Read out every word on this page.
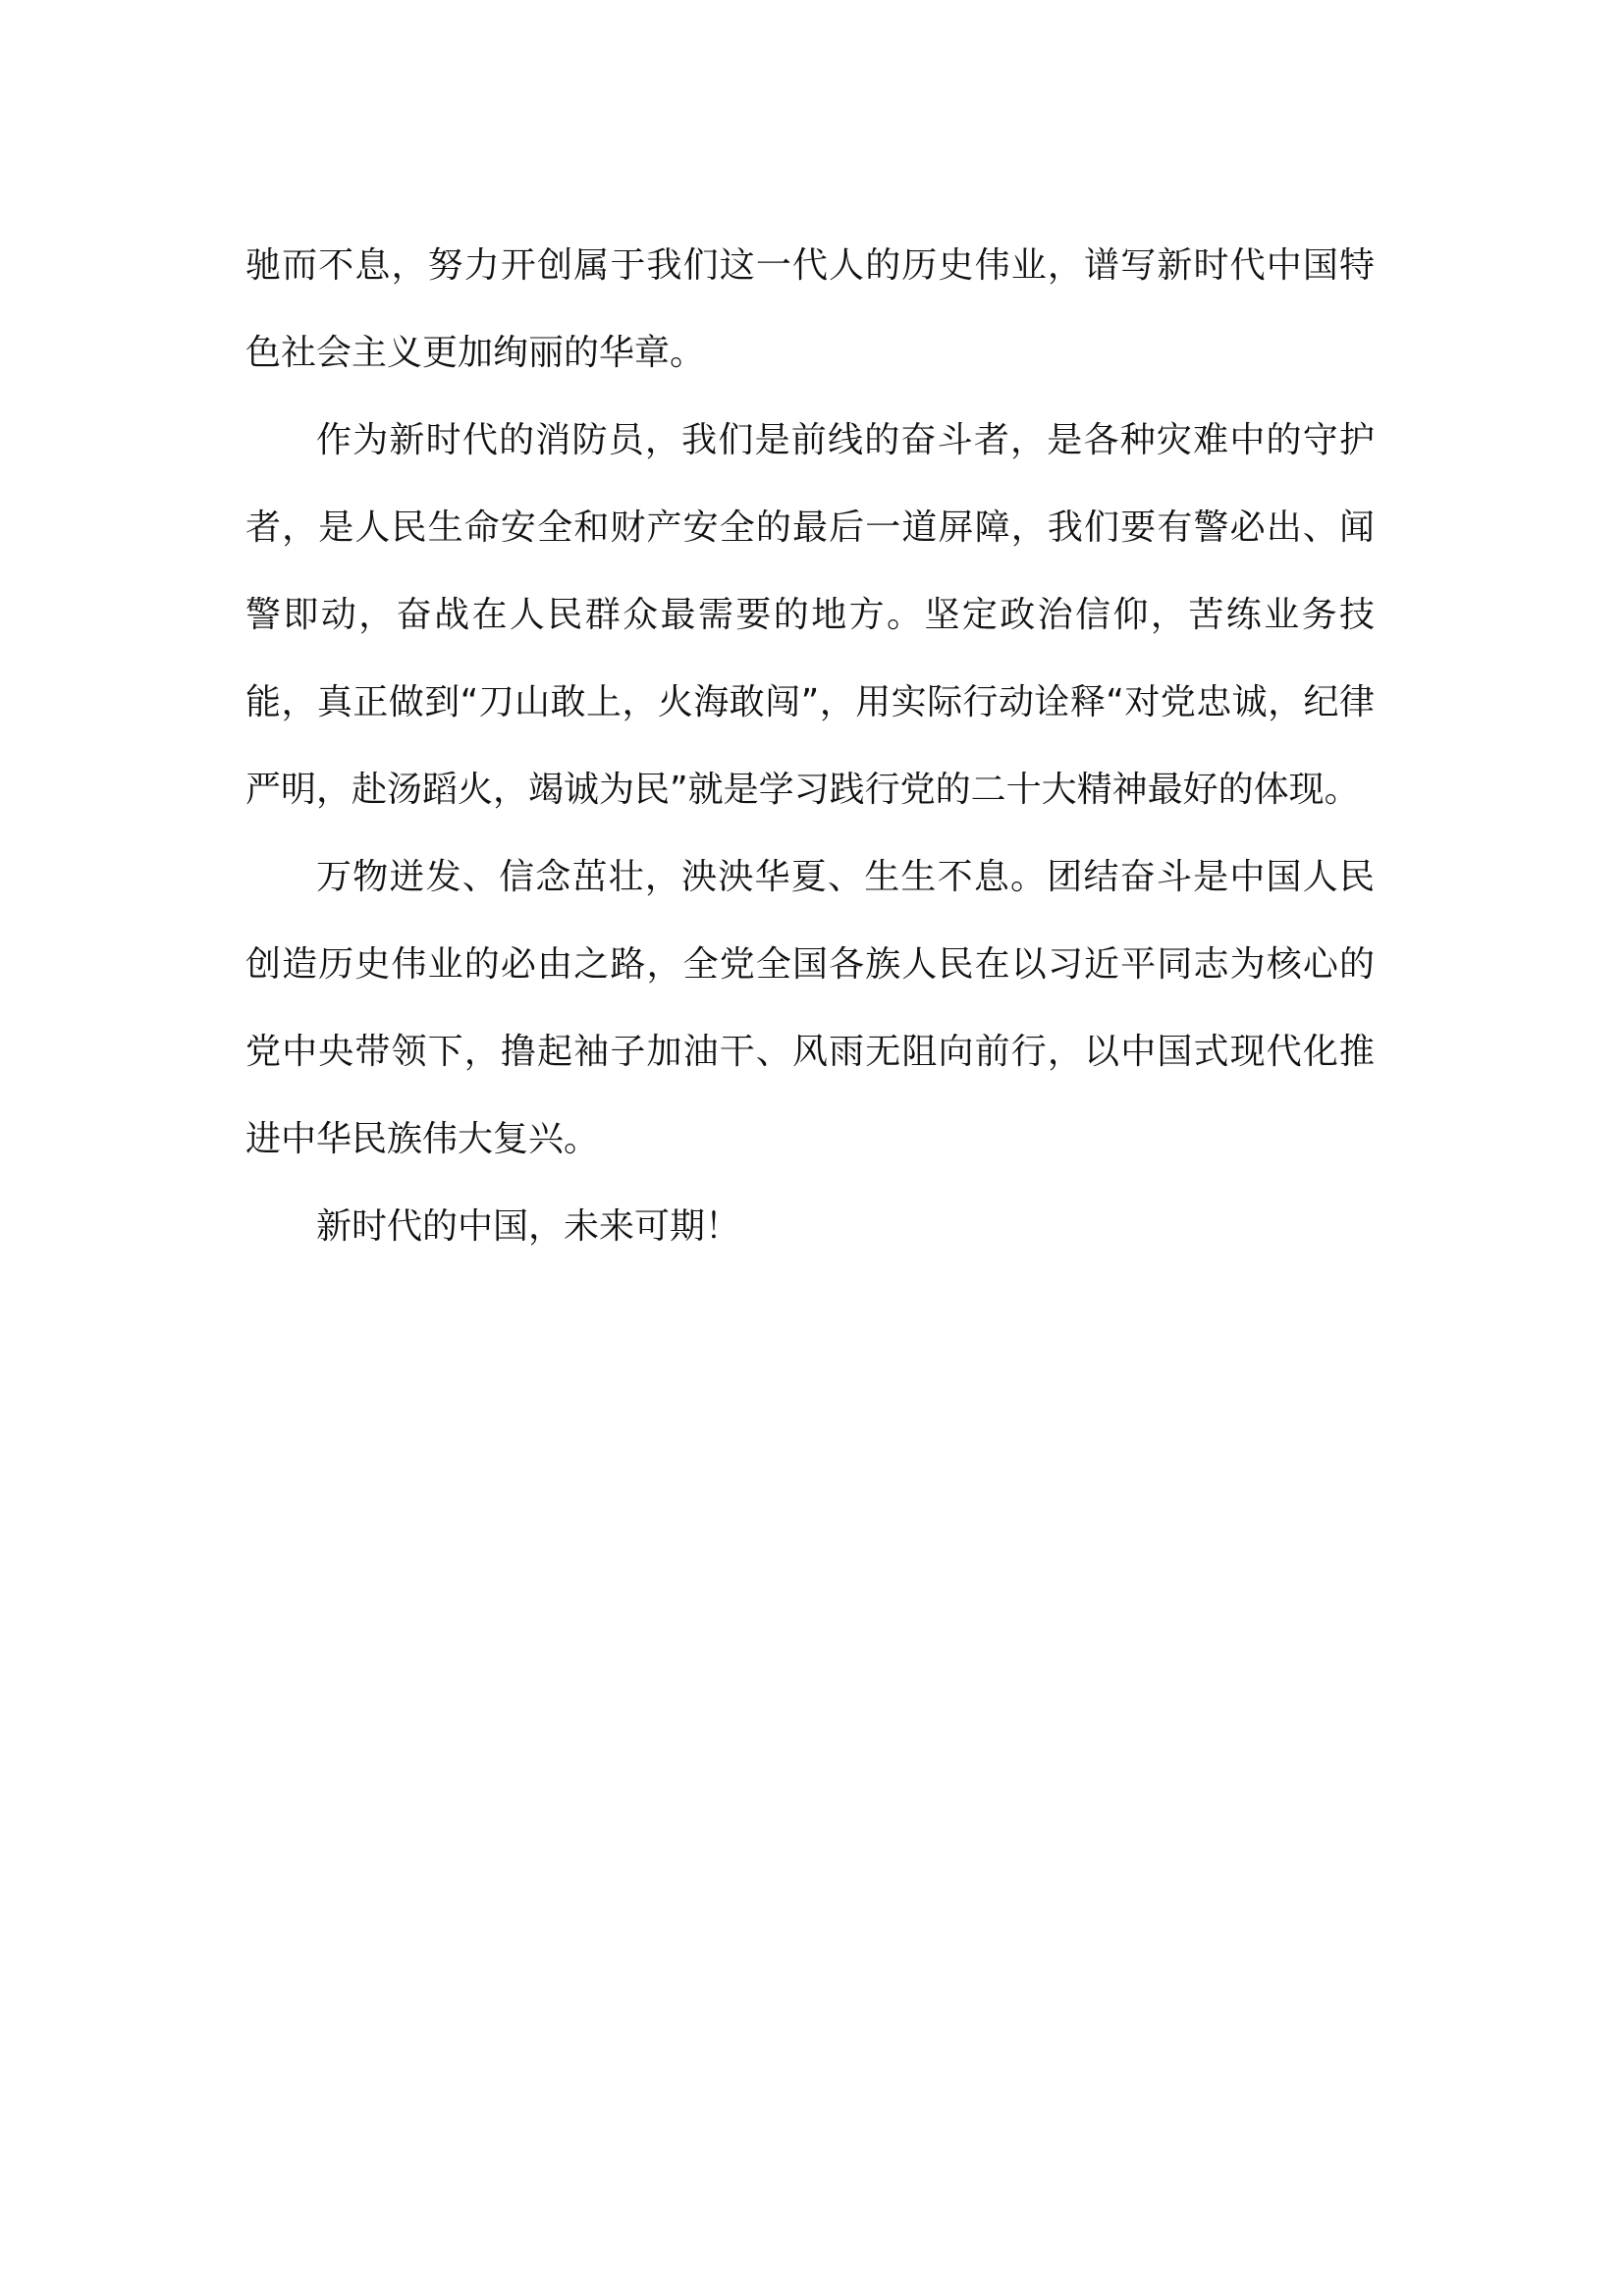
驰而不息，努力开创属于我们这一代人的历史伟业，谱写新时代中国特色社会主义更加绚丽的华章。

作为新时代的消防员，我们是前线的奋斗者，是各种灾难中的守护者，是人民生命安全和财产安全的最后一道屏障，我们要有警必出、闻警即动，奋战在人民群众最需要的地方。坚定政治信仰，苦练业务技能，真正做到“刀山敢上，火海敢闯”，用实际行动诠释“对党忠诚，纪律严明，赴汤蹈火，竭诚为民”就是学习践行党的二十大精神最好的体现。

万物迸发、信念茁壮，泱泱华夏、生生不息。团结奋斗是中国人民创造历史伟业的必由之路，全党全国各族人民在以习近平同志为核心的党中央带领下，撸起袖子加油干、风雨无阻向前行，以中国式现代化推进中华民族伟大复兴。

新时代的中国，未来可期！
